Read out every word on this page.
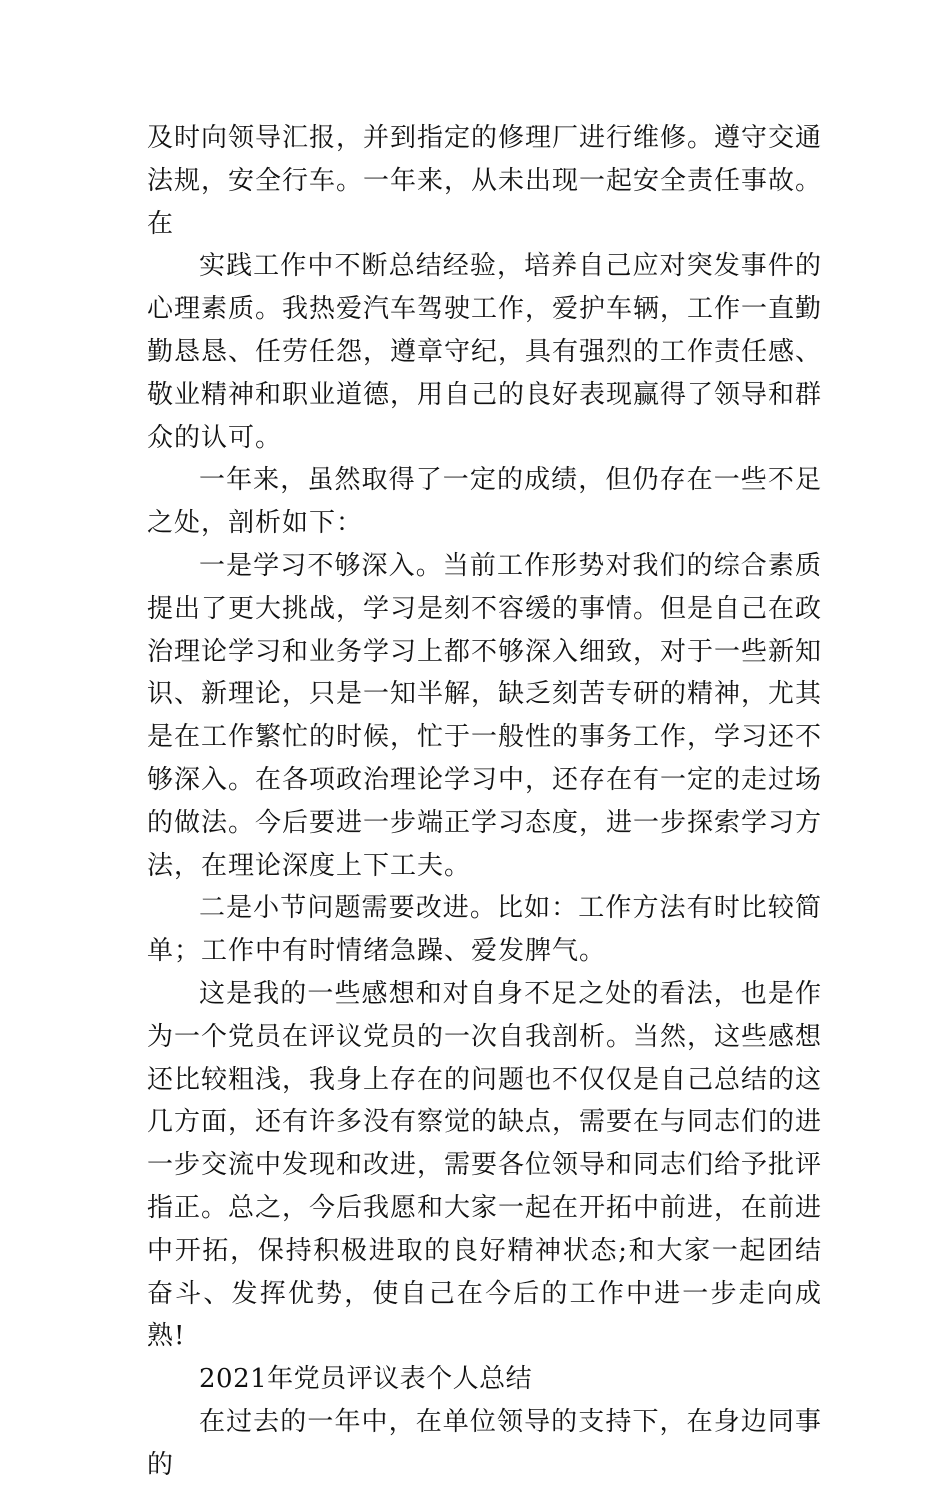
及时向领导汇报，并到指定的修理厂进行维修。遵守交通法规，安全行车。一年来，从未出现一起安全责任事故。在

实践工作中不断总结经验，培养自己应对突发事件的心理素质。我热爱汽车驾驶工作，爱护车辆，工作一直勤勤恳恳、任劳任怨，遵章守纪，具有强烈的工作责任感、敬业精神和职业道德，用自己的良好表现赢得了领导和群众的认可。

一年来，虽然取得了一定的成绩，但仍存在一些不足之处，剖析如下：

一是学习不够深入。当前工作形势对我们的综合素质提出了更大挑战，学习是刻不容缓的事情。但是自己在政治理论学习和业务学习上都不够深入细致，对于一些新知识、新理论，只是一知半解，缺乏刻苦专研的精神，尤其是在工作繁忙的时候，忙于一般性的事务工作，学习还不够深入。在各项政治理论学习中，还存在有一定的走过场的做法。今后要进一步端正学习态度，进一步探索学习方法，在理论深度上下工夫。

二是小节问题需要改进。比如：工作方法有时比较简单；工作中有时情绪急躁、爱发脾气。

这是我的一些感想和对自身不足之处的看法，也是作为一个党员在评议党员的一次自我剖析。当然，这些感想还比较粗浅，我身上存在的问题也不仅仅是自己总结的这几方面，还有许多没有察觉的缺点，需要在与同志们的进一步交流中发现和改进，需要各位领导和同志们给予批评指正。总之，今后我愿和大家一起在开拓中前进，在前进中开拓，保持积极进取的良好精神状态;和大家一起团结奋斗、发挥优势，使自己在今后的工作中进一步走向成熟!

2021年党员评议表个人总结

在过去的一年中，在单位领导的支持下，在身边同事的
